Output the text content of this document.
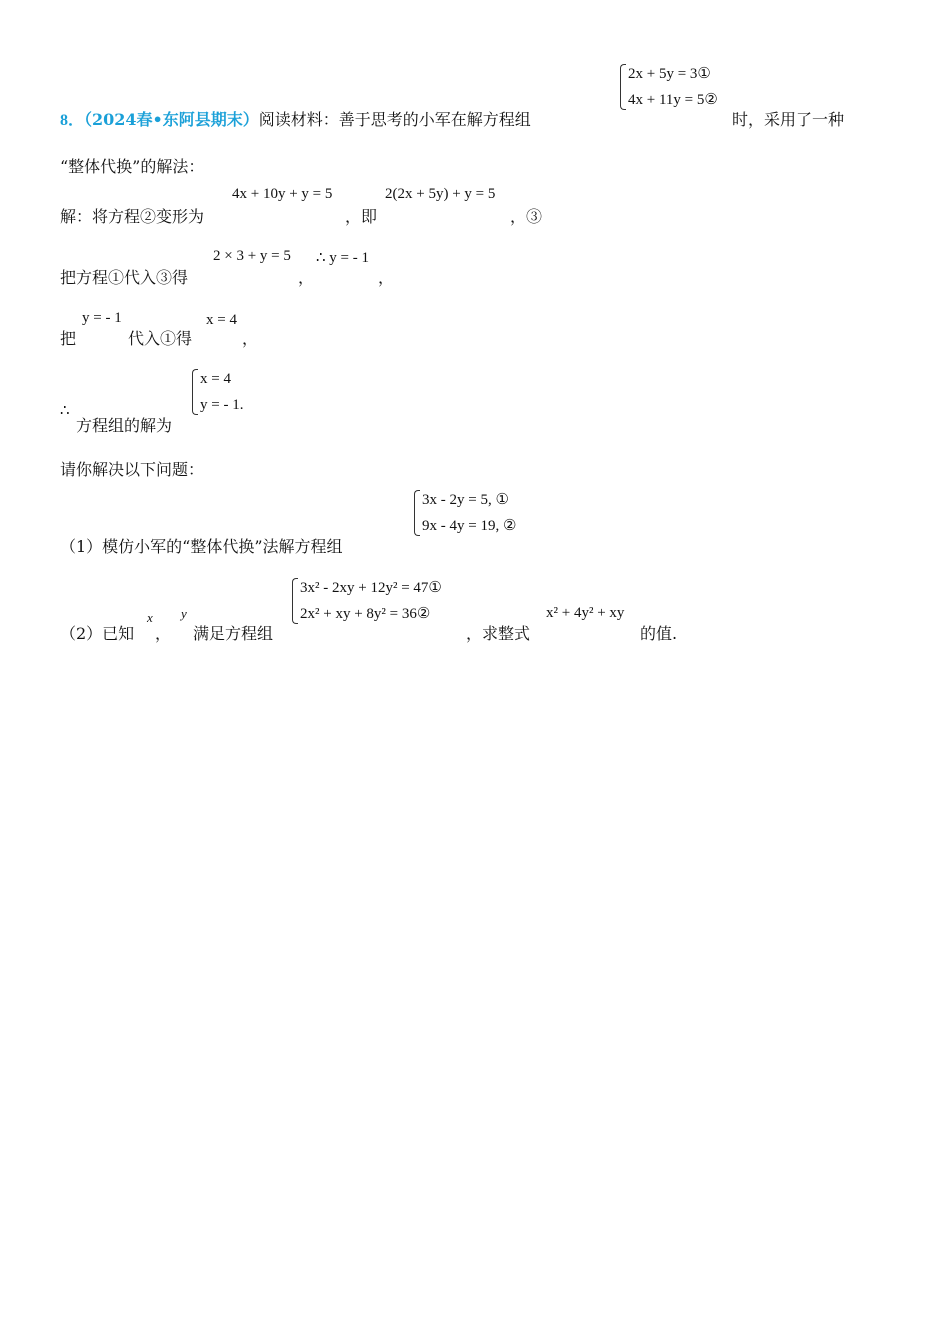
8．（2024春•东阿县期末）阅读材料：善于思考的小军在解方程组
2x + 5y = 3①
4x + 11y = 5②
时，采用了一种
“整体代换”的解法：
解：将方程②变形为
4x + 10y + y = 5
，即
2(2x + 5y) + y = 5
，③
把方程①代入③得
2 × 3 + y = 5
，
∴ y = - 1
，
把
y = - 1
代入①得
x = 4
，
∴
方程组的解为
x = 4
y = - 1.
请你解决以下问题：
（1）模仿小军的“整体代换”法解方程组
3x - 2y = 5, ①
9x - 4y = 19, ②
（2）已知
x
，
y
满足方程组
3x² - 2xy + 12y² = 47①
2x² + xy + 8y² = 36②
，求整式
x² + 4y² + xy
的值.
